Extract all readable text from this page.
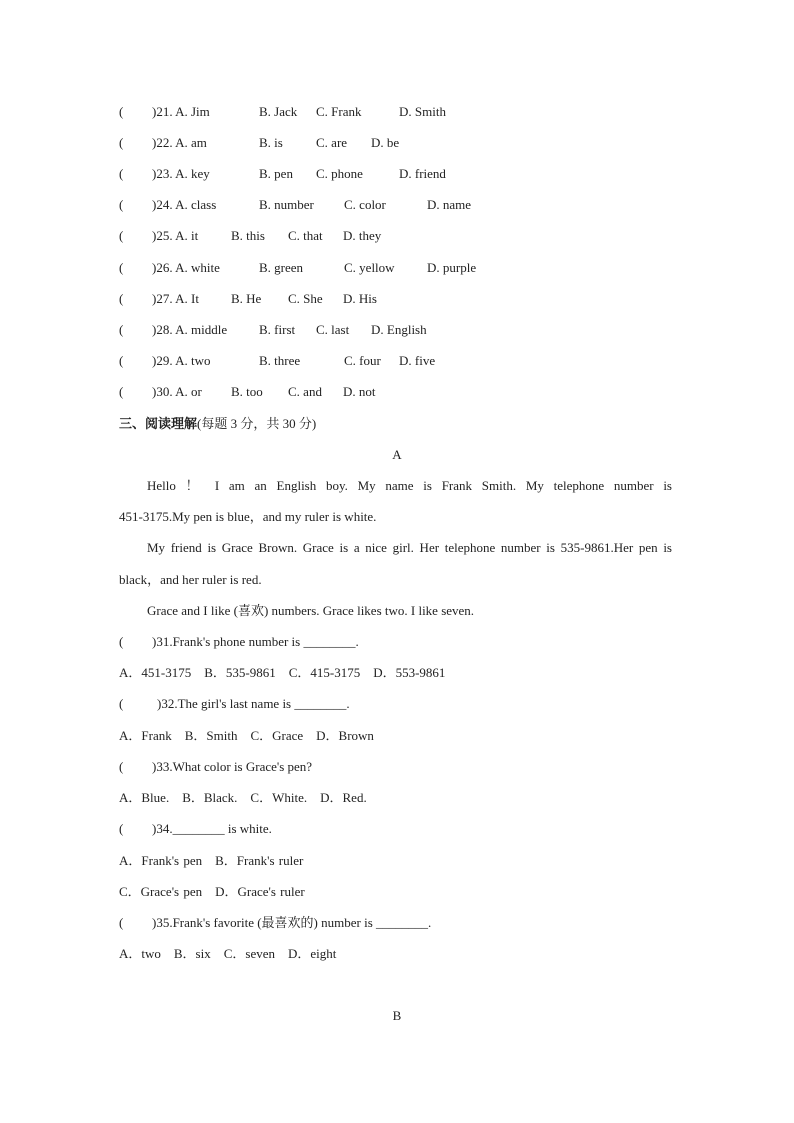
( )21. A. Jim	B. Jack C. Frank	D. Smith
( )22. A. am	B. is	C. are D. be
( )23. A. key	B. pen C. phone	D. friend
( )24. A. class	B. number C. color	D. name
( )25. A. it	B. this C. that D. they
( )26. A. white	B. green	C. yellow D. purple
( )27. A. It B. He C. She D. His
( )28. A. middle B. first C. last D. English
( )29. A. two	B. three	C. four D. five
( )30. A. or B. too C. and D. not
三、阅读理解(每题 3 分，共 30 分)
A
Hello ！ I am an English boy. My name is Frank Smith. My telephone number is
451-3175.My pen is blue，and my ruler is white.
My friend is Grace Brown. Grace is a nice girl. Her telephone number is 535-9861.Her pen is
black，and her ruler is red.
Grace and I like (喜欢) numbers. Grace likes two. I like seven.
( )31.Frank's phone number is ________.
A．451-3175　B．535-9861　C．415-3175　D．553-9861
(	)32.The girl's last name is ________.
A．Frank　B．Smith　C．Grace　D．Brown
( )33.What color is Grace's pen?
A．Blue.　B．Black.　C．White.　D．Red.
( )34.________ is white.
A．Frank's pen　B．Frank's ruler
C．Grace's pen　D．Grace's ruler
( )35.Frank's favorite (最喜欢的) number is ________.
A．two　B．six　C．seven　D．eight
B
